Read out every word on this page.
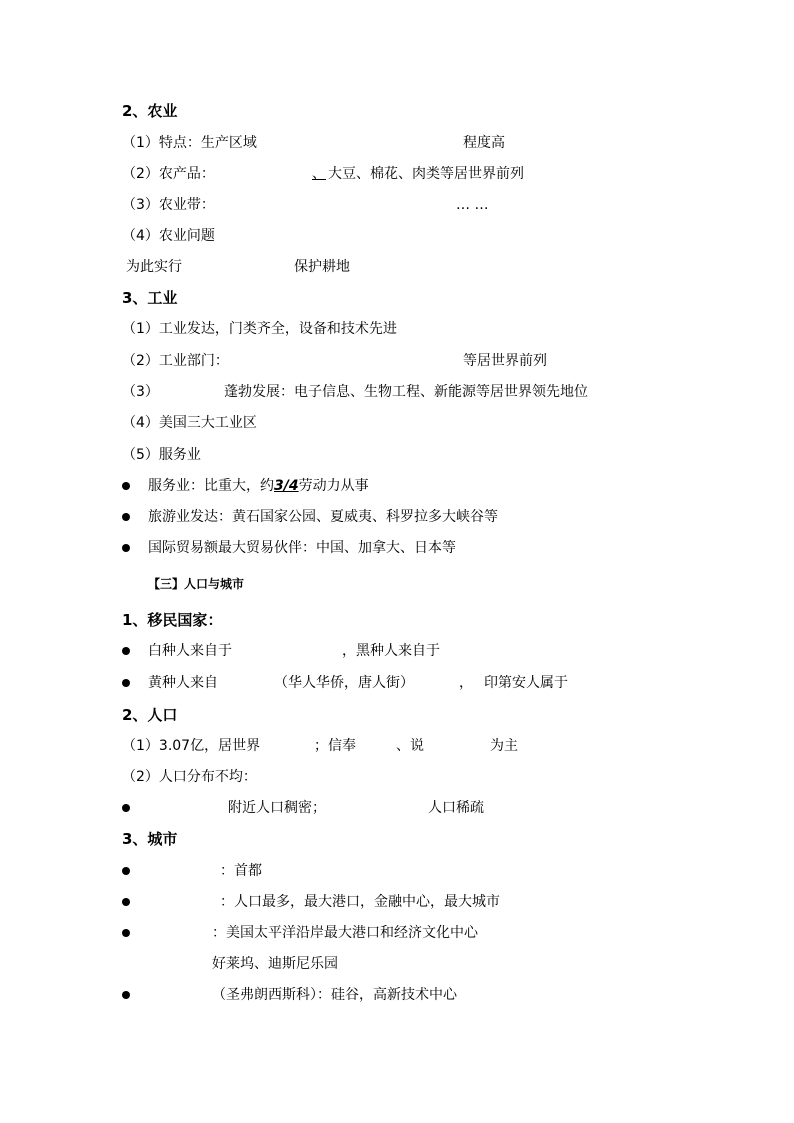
2、农业
（1）特点：生产区域	程度高
（2）农产品：	、 大豆、棉花、肉类等居世界前列
（3）农业带：	… …
（4）农业问题
为此实行	保护耕地
3、工业
（1）工业发达，门类齐全，设备和技术先进
（2）工业部门：	等居世界前列
（3）	蓬勃发展：电子信息、生物工程、新能源等居世界领先地位
（4）美国三大工业区
（5）服务业
服务业：比重大，约3/4劳动力从事
旅游业发达：黄石国家公园、夏威夷、科罗拉多大峡谷等
国际贸易额最大贸易伙伴：中国、加拿大、日本等
【三】人口与城市
1、移民国家：
白种人来自于	，黑种人来自于
黄种人来自	（华人华侨，唐人街）	， 印第安人属于
2、人口
（1）3.07亿，居世界	；信奉	、说	为主
（2）人口分布不均：
附近人口稠密；	人口稀疏
3、城市
：首都
：人口最多，最大港口，金融中心，最大城市
：美国太平洋沿岸最大港口和经济文化中心
好莱坞、迪斯尼乐园
（圣弗朗西斯科）：硅谷，高新技术中心
